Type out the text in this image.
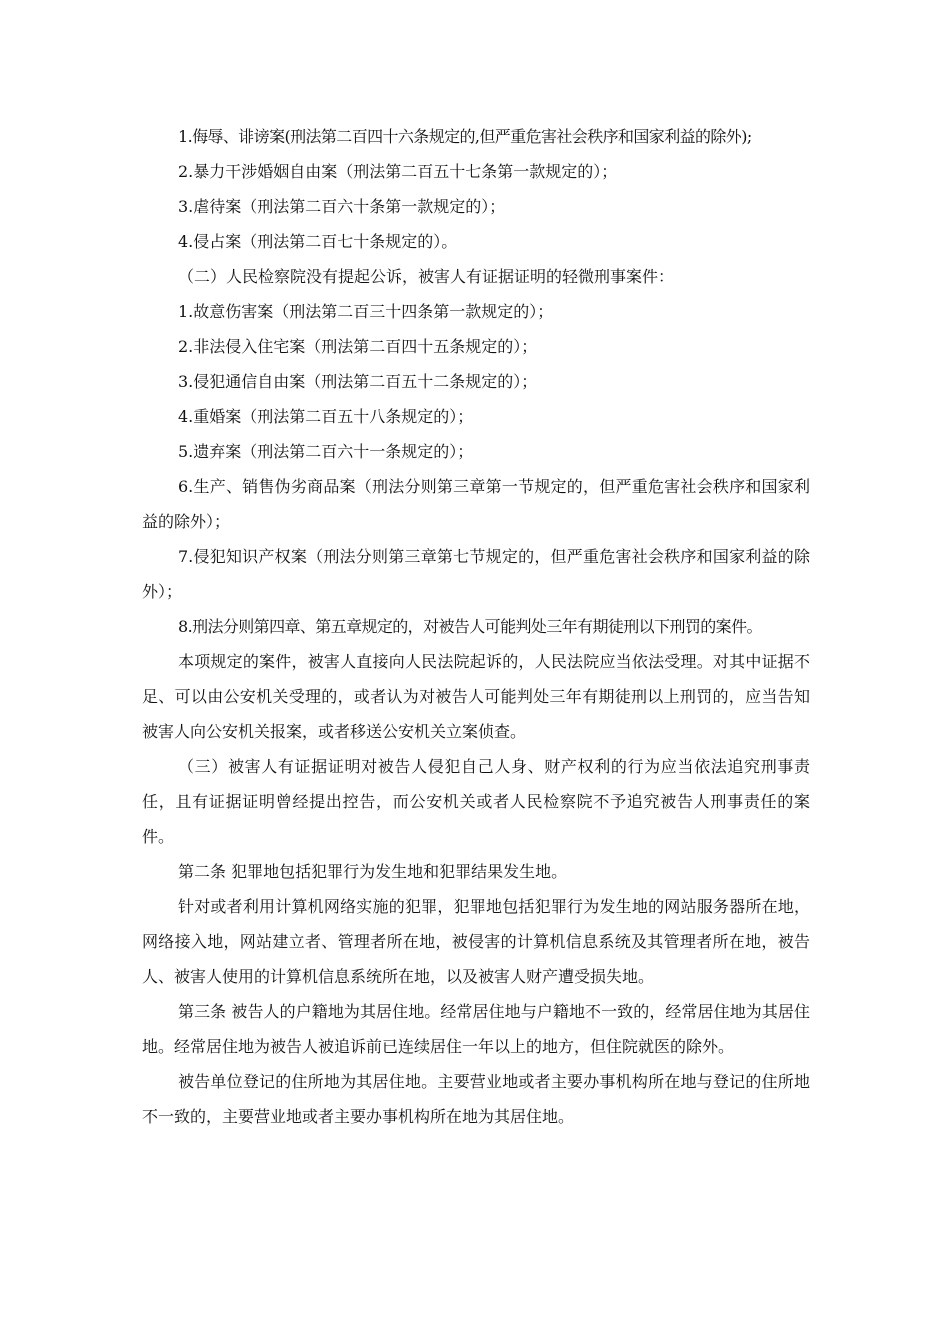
1.侮辱、诽谤案(刑法第二百四十六条规定的,但严重危害社会秩序和国家利益的除外);

2.暴力干涉婚姻自由案（刑法第二百五十七条第一款规定的）；

3.虐待案（刑法第二百六十条第一款规定的）；

4.侵占案（刑法第二百七十条规定的）。

（二）人民检察院没有提起公诉，被害人有证据证明的轻微刑事案件：

1.故意伤害案（刑法第二百三十四条第一款规定的）；

2.非法侵入住宅案（刑法第二百四十五条规定的）；

3.侵犯通信自由案（刑法第二百五十二条规定的）；

4.重婚案（刑法第二百五十八条规定的）；

5.遗弃案（刑法第二百六十一条规定的）；

6.生产、销售伪劣商品案（刑法分则第三章第一节规定的，但严重危害社会秩序和国家利益的除外）；

7.侵犯知识产权案（刑法分则第三章第七节规定的，但严重危害社会秩序和国家利益的除外）；

8.刑法分则第四章、第五章规定的，对被告人可能判处三年有期徒刑以下刑罚的案件。

本项规定的案件，被害人直接向人民法院起诉的，人民法院应当依法受理。对其中证据不足、可以由公安机关受理的，或者认为对被告人可能判处三年有期徒刑以上刑罚的，应当告知被害人向公安机关报案，或者移送公安机关立案侦查。

（三）被害人有证据证明对被告人侵犯自己人身、财产权利的行为应当依法追究刑事责任，且有证据证明曾经提出控告，而公安机关或者人民检察院不予追究被告人刑事责任的案件。

第二条 犯罪地包括犯罪行为发生地和犯罪结果发生地。

针对或者利用计算机网络实施的犯罪，犯罪地包括犯罪行为发生地的网站服务器所在地，网络接入地，网站建立者、管理者所在地，被侵害的计算机信息系统及其管理者所在地，被告人、被害人使用的计算机信息系统所在地，以及被害人财产遭受损失地。

第三条 被告人的户籍地为其居住地。经常居住地与户籍地不一致的，经常居住地为其居住地。经常居住地为被告人被追诉前已连续居住一年以上的地方，但住院就医的除外。

被告单位登记的住所地为其居住地。主要营业地或者主要办事机构所在地与登记的住所地不一致的，主要营业地或者主要办事机构所在地为其居住地。
